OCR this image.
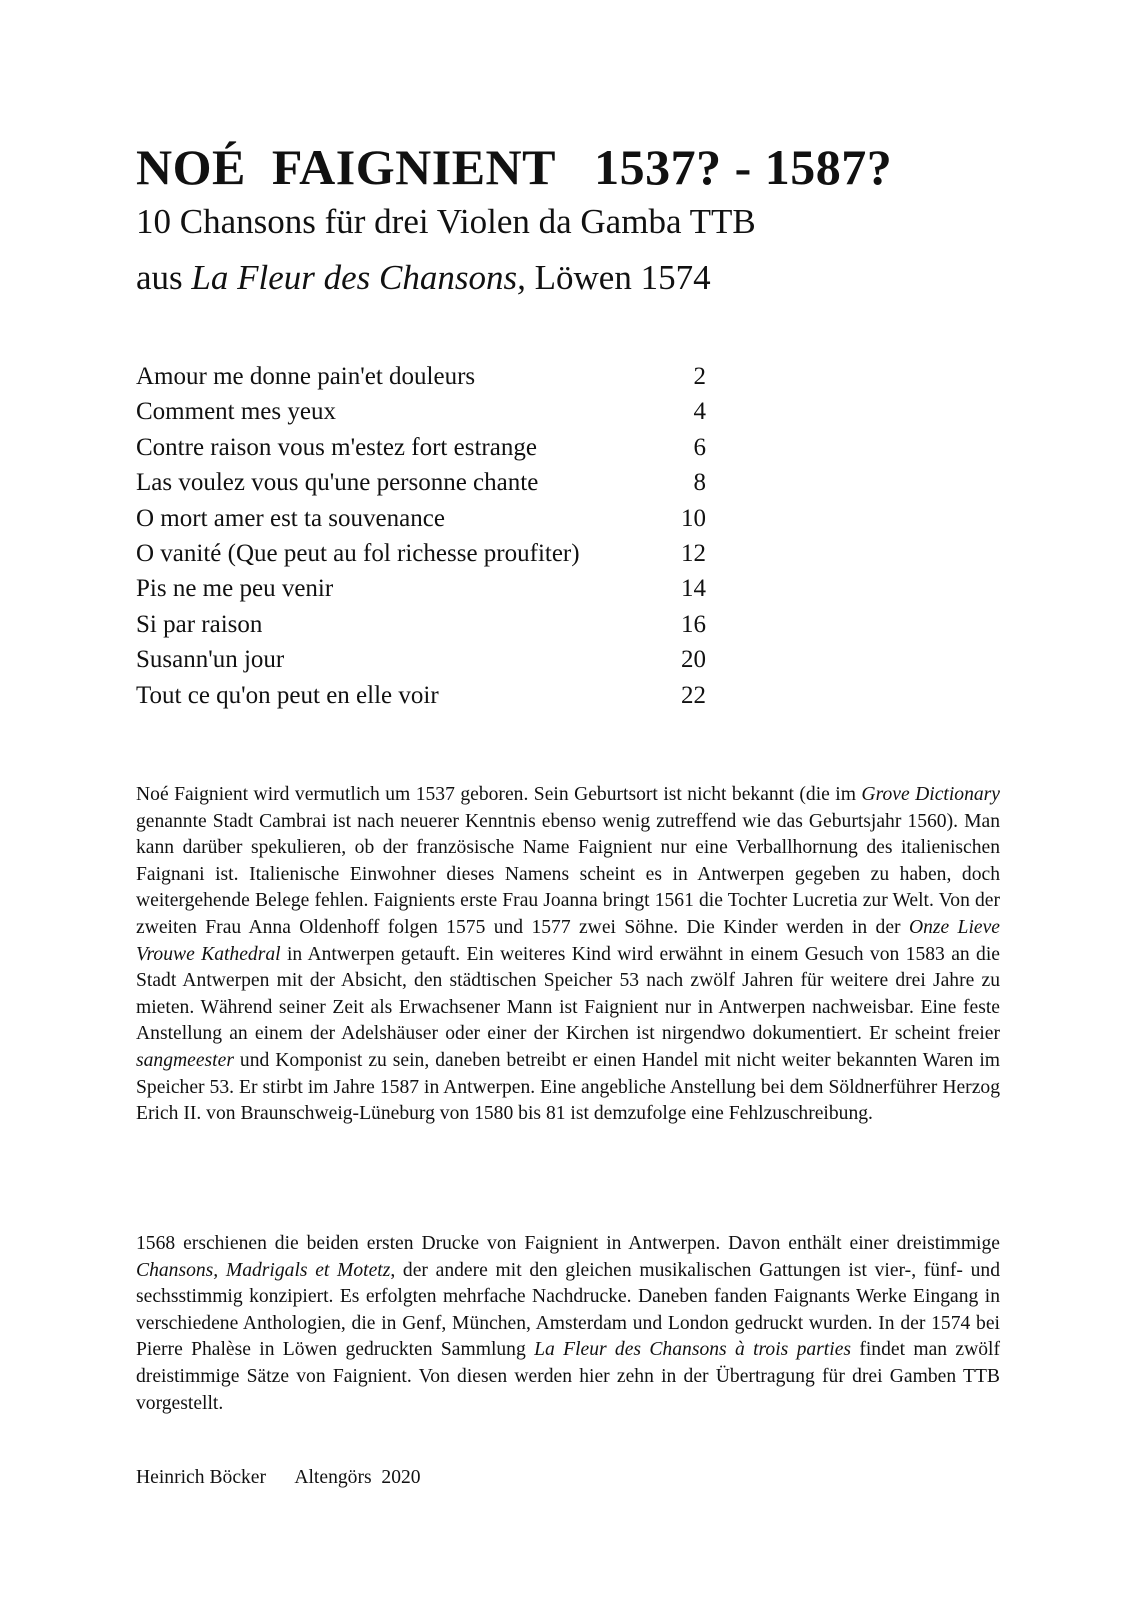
NOÉ  FAIGNIENT   1537? - 1587?
10 Chansons für drei Violen da Gamba TTB
aus La Fleur des Chansons, Löwen 1574
Amour me donne pain'et douleurs	2
Comment mes yeux	4
Contre raison vous m'estez fort estrange	6
Las voulez vous qu'une personne chante	8
O mort amer est ta souvenance	10
O vanité (Que peut au fol richesse proufiter)	12
Pis ne me peu venir	14
Si par raison	16
Susann'un jour	20
Tout ce qu'on peut en elle voir	22

Noé Faignient wird vermutlich um 1537 geboren. Sein Geburtsort ist nicht bekannt (die im Grove Dictionary genannte Stadt Cambrai ist nach neuerer Kenntnis ebenso wenig zutreffend wie das Geburtsjahr 1560). Man kann darüber spekulieren, ob der französische Name Faignient nur eine Verballhornung des italienischen Faignani ist. Italienische Einwohner dieses Namens scheint es in Antwerpen gegeben zu haben, doch weitergehende Belege fehlen. Faignients erste Frau Joanna bringt 1561 die Tochter Lucretia zur Welt. Von der zweiten Frau Anna Oldenhoff folgen 1575 und 1577 zwei Söhne. Die Kinder werden in der Onze Lieve Vrouwe Kathedral in Antwerpen getauft. Ein weiteres Kind wird erwähnt in einem Gesuch von 1583 an die Stadt Antwerpen mit der Absicht, den städtischen Speicher 53 nach zwölf Jahren für weitere drei Jahre zu mieten. Während seiner Zeit als Erwachsener Mann ist Faignient nur in Antwerpen nachweisbar. Eine feste Anstellung an einem der Adelshäuser oder einer der Kirchen ist nirgendwo dokumentiert. Er scheint freier sangmeester und Komponist zu sein, daneben betreibt er einen Handel mit nicht weiter bekannten Waren im Speicher 53. Er stirbt im Jahre 1587 in Antwerpen. Eine angebliche Anstellung bei dem Söldnerführer Herzog Erich II. von Braunschweig-Lüneburg von 1580 bis 81 ist demzufolge eine Fehlzuschreibung.

1568 erschienen die beiden ersten Drucke von Faignient in Antwerpen. Davon enthält einer dreistimmige Chansons, Madrigals et Motetz, der andere mit den gleichen musikalischen Gattungen ist vier-, fünf- und sechsstimmig konzipiert. Es erfolgten mehrfache Nachdrucke. Daneben fanden Faignants Werke Eingang in verschiedene Anthologien, die in Genf, München, Amsterdam und London gedruckt wurden. In der 1574 bei Pierre Phalèse in Löwen gedruckten Sammlung La Fleur des Chansons à trois parties findet man zwölf dreistimmige Sätze von Faignient. Von diesen werden hier zehn in der Übertragung für drei Gamben TTB vorgestellt.

Heinrich Böcker      Altengörs  2020
